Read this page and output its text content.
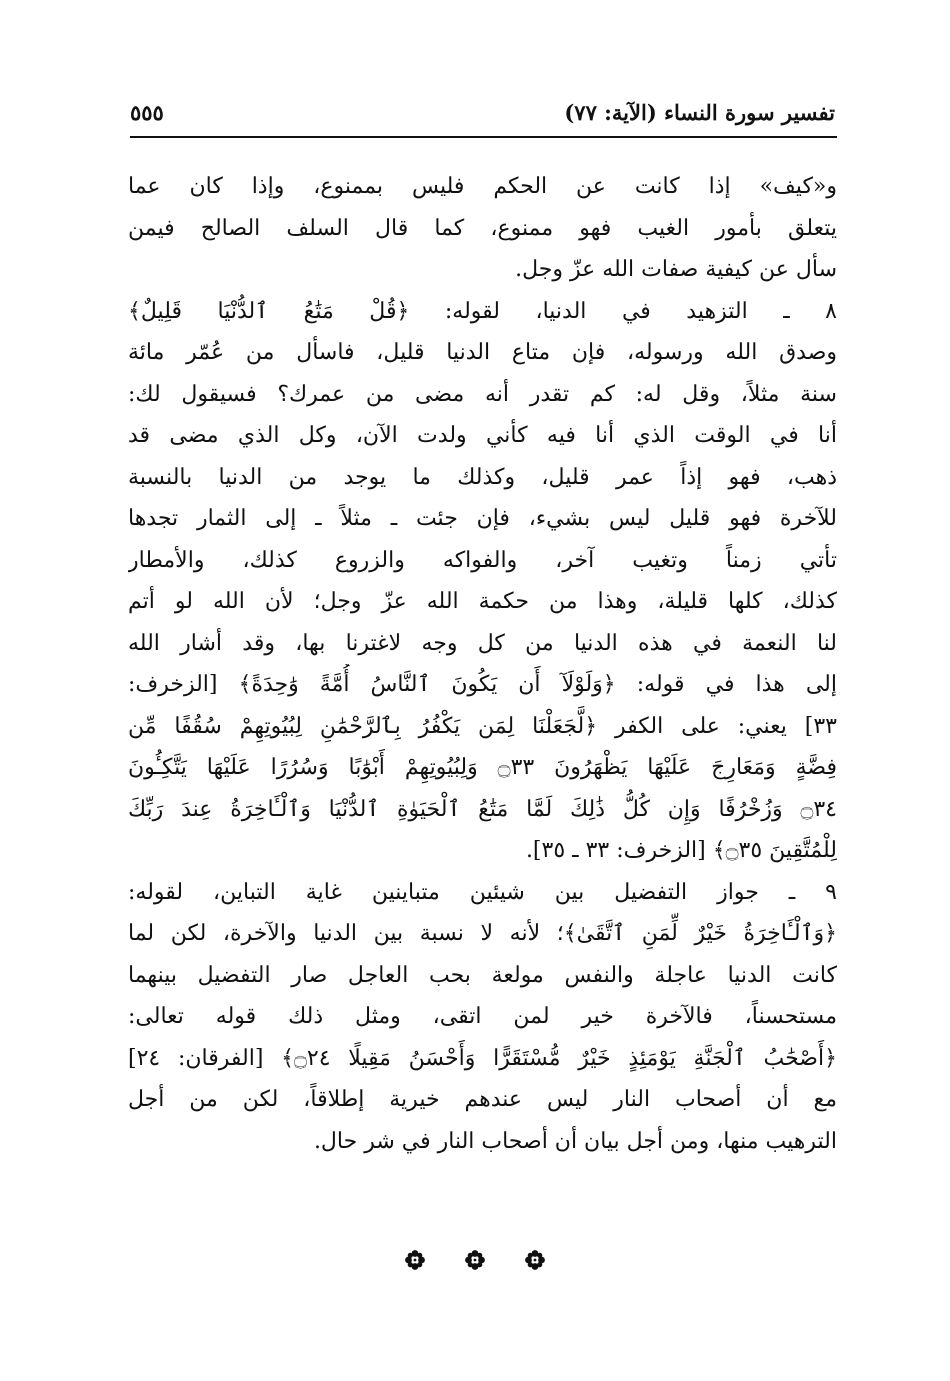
تفسير سورة النساء (الآية: ٧٧)
٥٥٥
و«كيف» إذا كانت عن الحكم فليس بممنوع، وإذا كان عما
يتعلق بأمور الغيب فهو ممنوع، كما قال السلف الصالح فيمن
سأل عن كيفية صفات الله عزّ وجل.
٨ ـ التزهيد في الدنيا، لقوله: ﴿قُلْ مَتَٰعُ ٱلدُّنْيَا قَلِيلٌ﴾
وصدق الله ورسوله، فإن متاع الدنيا قليل، فاسأل من عُمّر مائة
سنة مثلاً، وقل له: كم تقدر أنه مضى من عمرك؟ فسيقول لك:
أنا في الوقت الذي أنا فيه كأني ولدت الآن، وكل الذي مضى قد
ذهب، فهو إذاً عمر قليل، وكذلك ما يوجد من الدنيا بالنسبة
للآخرة فهو قليل ليس بشيء، فإن جئت ـ مثلاً ـ إلى الثمار تجدها
تأتي زمناً وتغيب آخر، والفواكه والزروع كذلك، والأمطار
كذلك، كلها قليلة، وهذا من حكمة الله عزّ وجل؛ لأن الله لو أتم
لنا النعمة في هذه الدنيا من كل وجه لاغترنا بها، وقد أشار الله
إلى هذا في قوله: ﴿وَلَوْلَآ أَن يَكُونَ ٱلنَّاسُ أُمَّةً وَٰحِدَةً﴾ [الزخرف:
٣٣] يعني: على الكفر ﴿لَّجَعَلْنَا لِمَن يَكْفُرُ بِٱلرَّحْمَٰنِ لِبُيُوتِهِمْ سُقُفًا مِّن
فِضَّةٍ وَمَعَارِجَ عَلَيْهَا يَظْهَرُونَ ۝٣٣ وَلِبُيُوتِهِمْ أَبْوَٰبًا وَسُرُرًا عَلَيْهَا يَتَّكِـُٔونَ
۝٣٤ وَزُخْرُفًا وَإِن كُلُّ ذَٰلِكَ لَمَّا مَتَٰعُ ٱلْحَيَوٰةِ ٱلدُّنْيَا وَٱلْـَٔاخِرَةُ عِندَ رَبِّكَ
لِلْمُتَّقِينَ ۝٣٥﴾ [الزخرف: ٣٣ ـ ٣٥].
٩ ـ جواز التفضيل بين شيئين متباينين غاية التباين، لقوله:
﴿وَٱلْـَٔاخِرَةُ خَيْرٌ لِّمَنِ ٱتَّقَىٰ﴾؛ لأنه لا نسبة بين الدنيا والآخرة، لكن لما
كانت الدنيا عاجلة والنفس مولعة بحب العاجل صار التفضيل بينهما
مستحسناً، فالآخرة خير لمن اتقى، ومثل ذلك قوله تعالى:
﴿أَصْحَٰبُ ٱلْجَنَّةِ يَوْمَئِذٍ خَيْرٌ مُّسْتَقَرًّا وَأَحْسَنُ مَقِيلًا ۝٢٤﴾ [الفرقان: ٢٤]
مع أن أصحاب النار ليس عندهم خيرية إطلاقاً، لكن من أجل
الترهيب منها، ومن أجل بيان أن أصحاب النار في شر حال.
